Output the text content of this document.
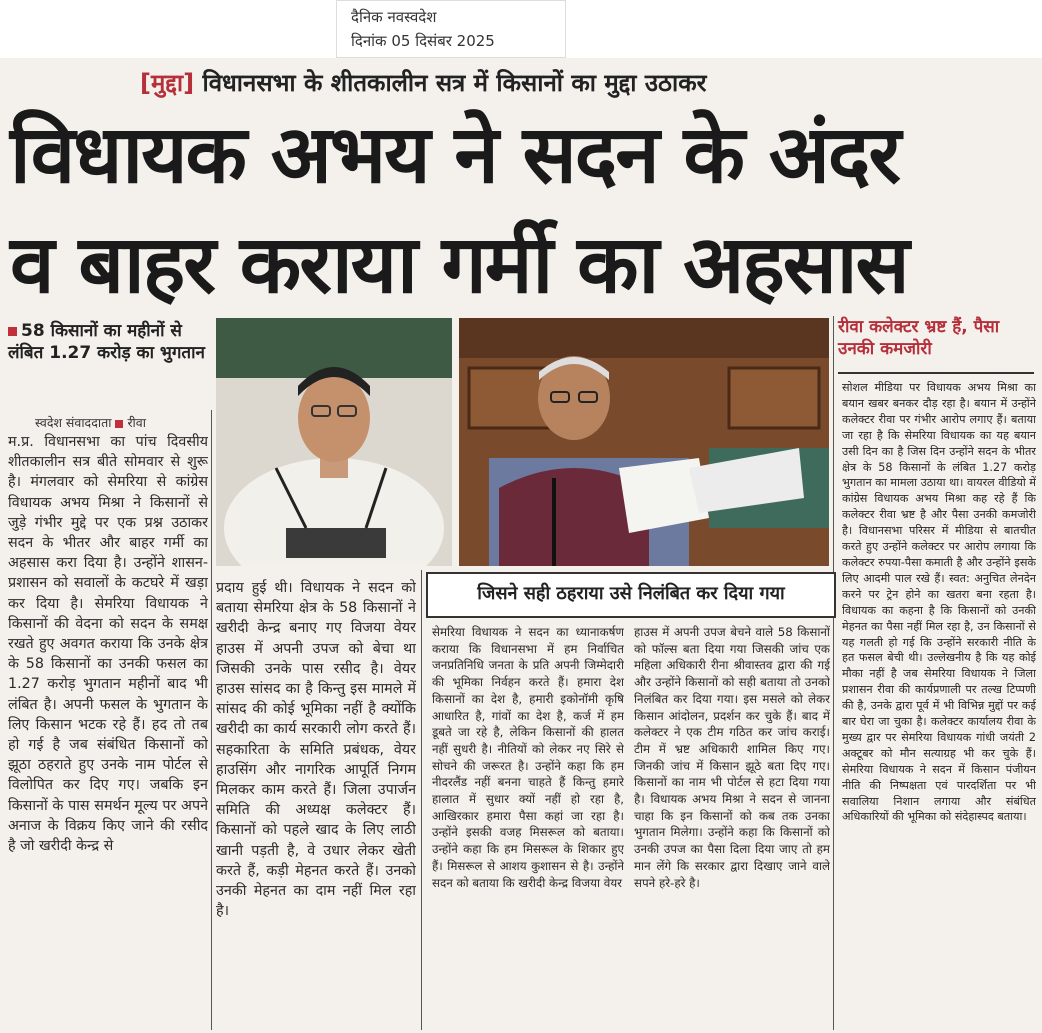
दैनिक नवस्वदेश
दिनांक 05 दिसंबर 2025
[मुद्दा] विधानसभा के शीतकालीन सत्र में किसानों का मुद्दा उठाकर
विधायक अभय ने सदन के अंदर
व बाहर कराया गर्मी का अहसास
58 किसानों का महीनों से लंबित 1.27 करोड़ का भुगतान
स्वदेश संवाददाता रीवा
म.प्र. विधानसभा का पांच दिवसीय शीतकालीन सत्र बीते सोमवार से शुरू है। मंगलवार को सेमरिया से कांग्रेस विधायक अभय मिश्रा ने किसानों से जुड़े गंभीर मुद्दे पर एक प्रश्न उठाकर सदन के भीतर और बाहर गर्मी का अहसास करा दिया है। उन्होंने शासन-प्रशासन को सवालों के कटघरे में खड़ा कर दिया है। सेमरिया विधायक ने किसानों की वेदना को सदन के समक्ष रखते हुए अवगत कराया कि उनके क्षेत्र के 58 किसानों का उनकी फसल का 1.27 करोड़ भुगतान महीनों बाद भी लंबित है। अपनी फसल के भुगतान के लिए किसान भटक रहे हैं। हद तो तब हो गई है जब संबंधित किसानों को झूठा ठहराते हुए उनके नाम पोर्टल से विलोपित कर दिए गए। जबकि इन किसानों के पास समर्थन मूल्य पर अपने अनाज के विक्रय किए जाने की रसीद है जो खरीदी केन्द्र से
प्रदाय हुई थी। विधायक ने सदन को बताया सेमरिया क्षेत्र के 58 किसानों ने खरीदी केन्द्र बनाए गए विजया वेयर हाउस में अपनी उपज को बेचा था जिसकी उनके पास रसीद है। वेयर हाउस सांसद का है किन्तु इस मामले में सांसद की कोई भूमिका नहीं है क्योंकि खरीदी का कार्य सरकारी लोग करते हैं। सहकारिता के समिति प्रबंधक, वेयर हाउसिंग और नागरिक आपूर्ति निगम मिलकर काम करते हैं। जिला उपार्जन समिति की अध्यक्ष कलेक्टर हैं। किसानों को पहले खाद के लिए लाठी खानी पड़ती है, वे उधार लेकर खेती करते हैं, कड़ी मेहनत करते हैं। उनको उनकी मेहनत का दाम नहीं मिल रहा है।
जिसने सही ठहराया उसे निलंबित कर दिया गया
सेमरिया विधायक ने सदन का ध्यानाकर्षण कराया कि विधानसभा में हम निर्वाचित जनप्रतिनिधि जनता के प्रति अपनी जिम्मेदारी की भूमिका निर्वहन करते हैं। हमारा देश किसानों का देश है, हमारी इकोनॉमी कृषि आधारित है, गांवों का देश है, कर्ज में हम डूबते जा रहे है, लेकिन किसानों की हालत नहीं सुधरी है। नीतियों को लेकर नए सिरे से सोचने की जरूरत है। उन्होंने कहा कि हम नीदरलैंड नहीं बनना चाहते हैं किन्तु हमारे हालात में सुधार क्यों नहीं हो रहा है, आखिरकार हमारा पैसा कहां जा रहा है। उन्होंने इसकी वजह मिसरूल को बताया। उन्होंने कहा कि हम मिसरूल के शिकार हुए हैं। मिसरूल से आशय कुशासन से है। उन्होंने सदन को बताया कि खरीदी केन्द्र विजया वेयर
हाउस में अपनी उपज बेचने वाले 58 किसानों को फॉल्स बता दिया गया जिसकी जांच एक महिला अधिकारी रीना श्रीवास्तव द्वारा की गई और उन्होंने किसानों को सही बताया तो उनको निलंबित कर दिया गया। इस मसले को लेकर किसान आंदोलन, प्रदर्शन कर चुके हैं। बाद में कलेक्टर ने एक टीम गठित कर जांच कराई। टीम में भ्रष्ट अधिकारी शामिल किए गए। जिनकी जांच में किसान झूठे बता दिए गए। किसानों का नाम भी पोर्टल से हटा दिया गया है। विधायक अभय मिश्रा ने सदन से जानना चाहा कि इन किसानों को कब तक उनका भुगतान मिलेगा। उन्होंने कहा कि किसानों को उनकी उपज का पैसा दिला दिया जाए तो हम मान लेंगे कि सरकार द्वारा दिखाए जाने वाले सपने हरे-हरे है।
रीवा कलेक्टर भ्रष्ट हैं, पैसा उनकी कमजोरी
सोशल मीडिया पर विधायक अभय मिश्रा का बयान खबर बनकर दौड़ रहा है। बयान में उन्होंने कलेक्टर रीवा पर गंभीर आरोप लगाए हैं। बताया जा रहा है कि सेमरिया विधायक का यह बयान उसी दिन का है जिस दिन उन्होंने सदन के भीतर क्षेत्र के 58 किसानों के लंबित 1.27 करोड़ भुगतान का मामला उठाया था। वायरल वीडियो में कांग्रेस विधायक अभय मिश्रा कह रहे हैं कि कलेक्टर रीवा भ्रष्ट है और पैसा उनकी कमजोरी है। विधानसभा परिसर में मीडिया से बातचीत करते हुए उन्होंने कलेक्टर पर आरोप लगाया कि कलेक्टर रुपया-पैसा कमाती है और उन्होंने इसके लिए आदमी पाल रखे हैं। स्वत: अनुचित लेनदेन करने पर ट्रेन होने का खतरा बना रहता है। विधायक का कहना है कि किसानों को उनकी मेहनत का पैसा नहीं मिल रहा है, उन किसानों से यह गलती हो गई कि उन्होंने सरकारी नीति के हत फसल बेची थी। उल्लेखनीय है कि यह कोई मौका नहीं है जब सेमरिया विधायक ने जिला प्रशासन रीवा की कार्यप्रणाली पर तल्ख टिप्पणी की है, उनके द्वारा पूर्व में भी विभिन्न मुद्दों पर कई बार घेरा जा चुका है। कलेक्टर कार्यालय रीवा के मुख्य द्वार पर सेमरिया विधायक गांधी जयंती 2 अक्टूबर को मौन सत्याग्रह भी कर चुके हैं। सेमरिया विधायक ने सदन में किसान पंजीयन नीति की निष्पक्षता एवं पारदर्शिता पर भी सवालिया निशान लगाया और संबंधित अधिकारियों की भूमिका को संदेहास्पद बताया।
